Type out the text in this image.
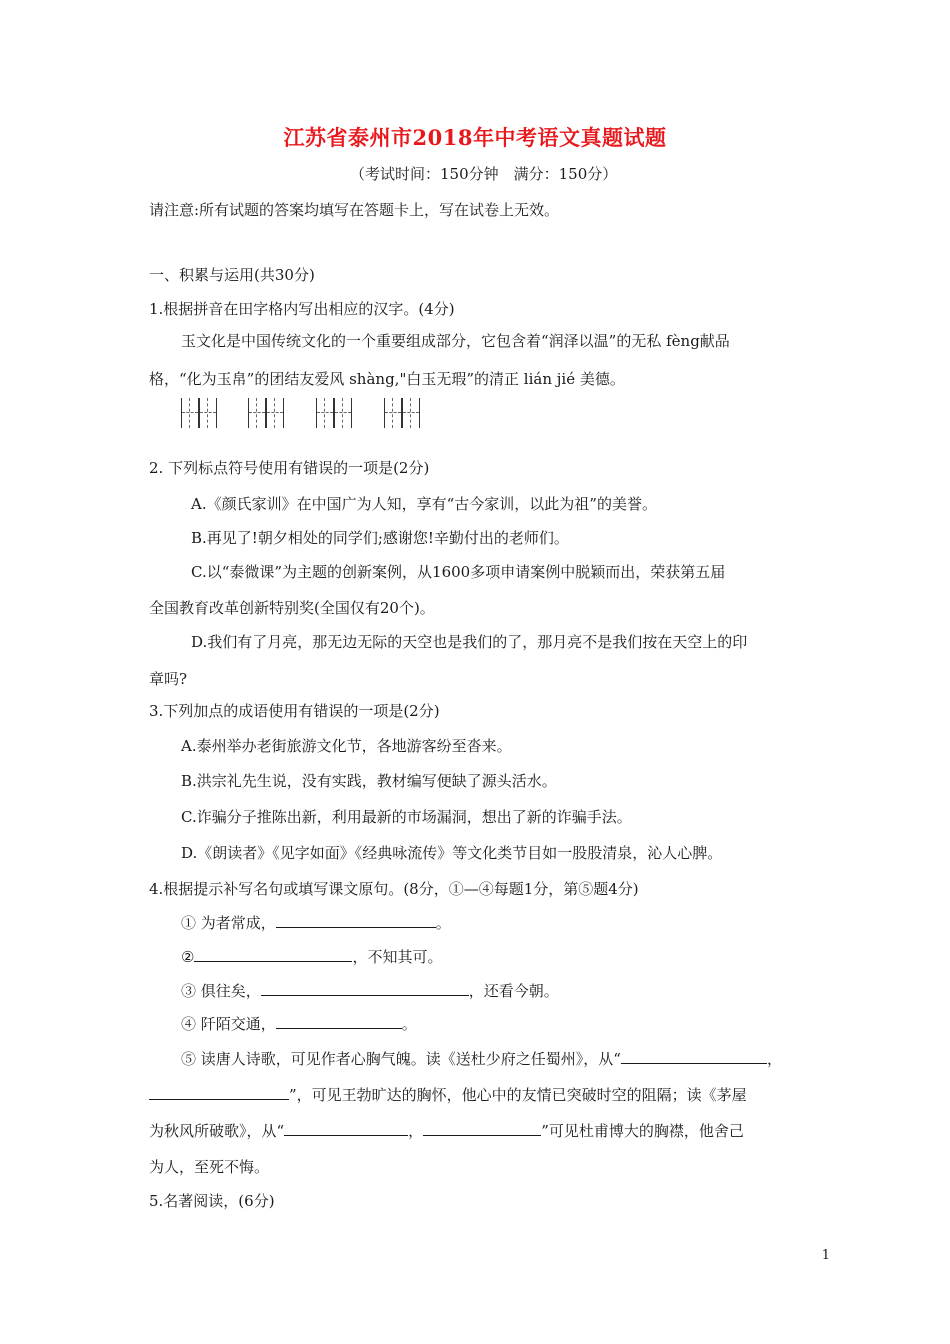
江苏省泰州市2018年中考语文真题试题
（考试时间：150分钟　满分：150分）
请注意:所有试题的答案均填写在答题卡上，写在试卷上无效。
一、积累与运用(共30分)
1.根据拼音在田字格内写出相应的汉字。(4分)
玉文化是中国传统文化的一个重要组成部分，它包含着“润泽以温”的无私 fèng献品
格，“化为玉帛”的团结友爱风 shàng,"白玉无瑕”的清正 lián jié 美德。
2. 下列标点符号使用有错误的一项是(2分)
A.《颜氏家训》在中国广为人知，享有“古今家训，以此为祖”的美誉。
B.再见了!朝夕相处的同学们;感谢您!辛勤付出的老师们。
C.以“泰微课”为主题的创新案例，从1600多项申请案例中脱颖而出，荣获第五届
全国教育改革创新特别奖(全国仅有20个)。
D.我们有了月亮，那无边无际的天空也是我们的了，那月亮不是我们按在天空上的印
章吗?
3.下列加点的成语使用有错误的一项是(2分)
A.泰州举办老街旅游文化节，各地游客纷至沓来。
B.洪宗礼先生说，没有实践，教材编写便缺了源头活水。
C.诈骗分子推陈出新，利用最新的市场漏洞，想出了新的诈骗手法。
D.《朗读者》《见字如面》《经典咏流传》等文化类节目如一股股清泉，沁人心脾。
4.根据提示补写名句或填写课文原句。(8分，①—④每题1分，第⑤题4分)
① 为者常成，	。
②	，不知其可。
③ 俱往矣，	，还看今朝。
④ 阡陌交通，	。
⑤ 读唐人诗歌，可见作者心胸气魄。读《送杜少府之任蜀州》，从“	，
”，可见王勃旷达的胸怀，他心中的友情已突破时空的阻隔；读《茅屋
为秋风所破歌》，从“	，	”可见杜甫博大的胸襟，他舍己
为人，至死不悔。
5.名著阅读，(6分)
1
